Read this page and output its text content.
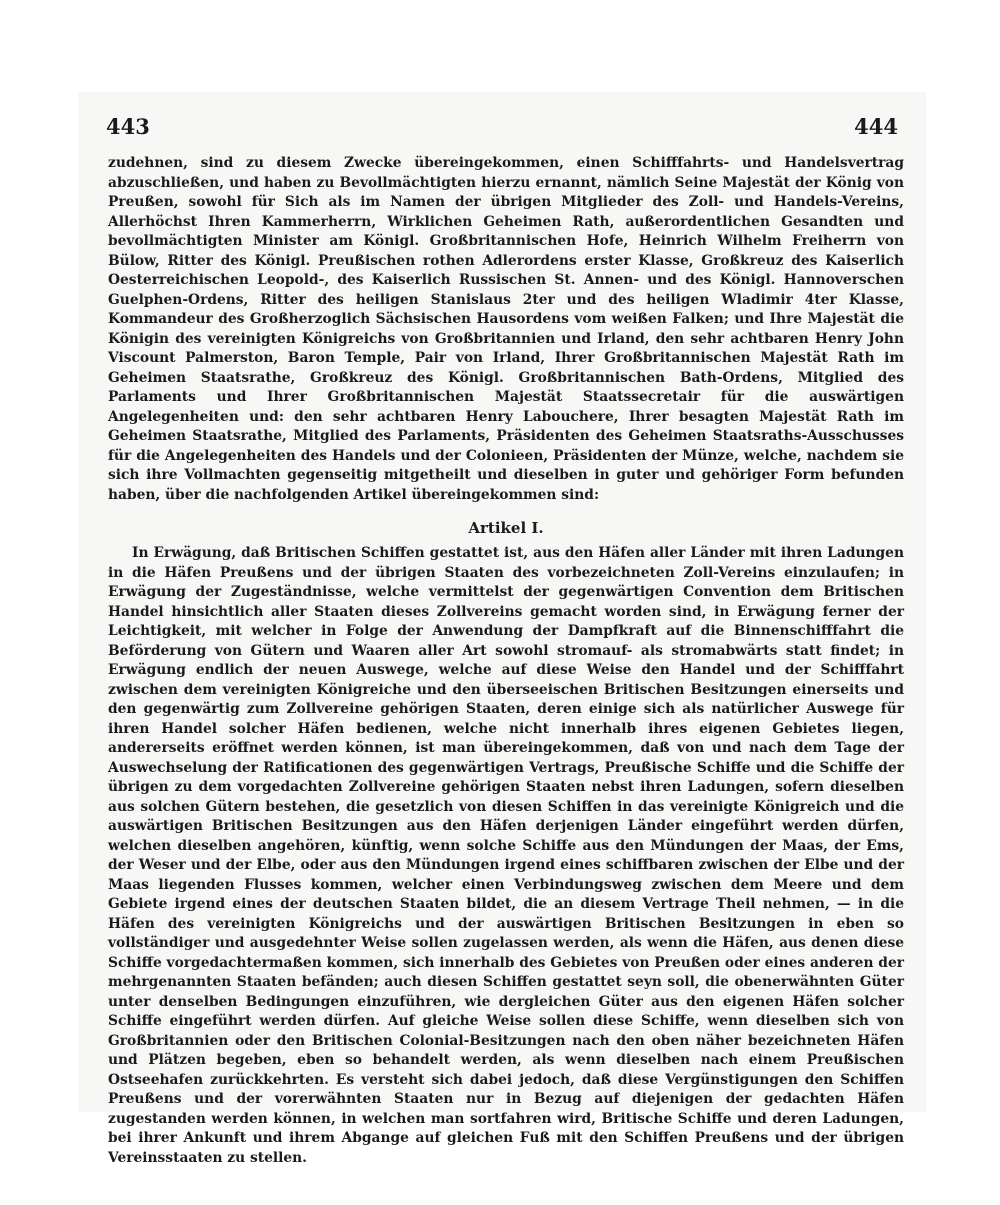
443	444

zudehnen, sind zu diesem Zwecke übereingekommen, einen Schifffahrts- und Handelsvertrag abzuschließen, und haben zu Bevollmächtigten hierzu ernannt, nämlich Seine Majestät der König von Preußen, sowohl für Sich als im Namen der übrigen Mitglieder des Zoll- und Handels-Vereins, Allerhöchst Ihren Kammerherrn, Wirklichen Geheimen Rath, außerordentlichen Gesandten und bevollmächtigten Minister am Königl. Großbritannischen Hofe, Heinrich Wilhelm Freiherrn von Bülow, Ritter des Königl. Preußischen rothen Adlerordens erster Klasse, Großkreuz des Kaiserlich Oesterreichischen Leopold-, des Kaiserlich Russischen St. Annen- und des Königl. Hannoverschen Guelphen-Ordens, Ritter des heiligen Stanislaus 2ter und des heiligen Wladimir 4ter Klasse, Kommandeur des Großherzoglich Sächsischen Hausordens vom weißen Falken; und Ihre Majestät die Königin des vereinigten Königreichs von Großbritannien und Irland, den sehr achtbaren Henry John Viscount Palmerston, Baron Temple, Pair von Irland, Ihrer Großbritannischen Majestät Rath im Geheimen Staatsrathe, Großkreuz des Königl. Großbritannischen Bath-Ordens, Mitglied des Parlaments und Ihrer Großbritannischen Majestät Staatssecretair für die auswärtigen Angelegenheiten und: den sehr achtbaren Henry Labouchere, Ihrer besagten Majestät Rath im Geheimen Staatsrathe, Mitglied des Parlaments, Präsidenten des Geheimen Staatsraths-Ausschusses für die Angelegenheiten des Handels und der Colonieen, Präsidenten der Münze, welche, nachdem sie sich ihre Vollmachten gegenseitig mitgetheilt und dieselben in guter und gehöriger Form befunden haben, über die nachfolgenden Artikel übereingekommen sind:

Artikel I.

In Erwägung, daß Britischen Schiffen gestattet ist, aus den Häfen aller Länder mit ihren Ladungen in die Häfen Preußens und der übrigen Staaten des vorbezeichneten Zoll-Vereins einzulaufen; in Erwägung der Zugeständnisse, welche vermittelst der gegenwärtigen Convention dem Britischen Handel hinsichtlich aller Staaten dieses Zollvereins gemacht worden sind, in Erwägung ferner der Leichtigkeit, mit welcher in Folge der Anwendung der Dampfkraft auf die Binnenschifffahrt die Beförderung von Gütern und Waaren aller Art sowohl stromauf- als stromabwärts statt findet; in Erwägung endlich der neuen Auswege, welche auf diese Weise den Handel und der Schifffahrt zwischen dem vereinigten Königreiche und den überseeischen Britischen Besitzungen einerseits und den gegenwärtig zum Zollvereine gehörigen Staaten, deren einige sich als natürlicher Auswege für ihren Handel solcher Häfen bedienen, welche nicht innerhalb ihres eigenen Gebietes liegen, andererseits eröffnet werden können, ist man übereingekommen, daß von und nach dem Tage der Auswechselung der Ratificationen des gegenwärtigen Vertrags, Preußische Schiffe und die Schiffe der übrigen zu dem vorgedachten Zollvereine gehörigen Staaten nebst ihren Ladungen, sofern dieselben aus solchen Gütern bestehen, die gesetzlich von diesen Schiffen in das vereinigte Königreich und die auswärtigen Britischen Besitzungen aus den Häfen derjenigen Länder eingeführt werden dürfen, welchen dieselben angehören, künftig, wenn solche Schiffe aus den Mündungen der Maas, der Ems, der Weser und der Elbe, oder aus den Mündungen irgend eines schiffbaren zwischen der Elbe und der Maas liegenden Flusses kommen, welcher einen Verbindungsweg zwischen dem Meere und dem Gebiete irgend eines der deutschen Staaten bildet, die an diesem Vertrage Theil nehmen, — in die Häfen des vereinigten Königreichs und der auswärtigen Britischen Besitzungen in eben so vollständiger und ausgedehnter Weise sollen zugelassen werden, als wenn die Häfen, aus denen diese Schiffe vorgedachtermaßen kommen, sich innerhalb des Gebietes von Preußen oder eines anderen der mehrgenannten Staaten befänden; auch diesen Schiffen gestattet seyn soll, die obenerwähnten Güter unter denselben Bedingungen einzuführen, wie dergleichen Güter aus den eigenen Häfen solcher Schiffe eingeführt werden dürfen. Auf gleiche Weise sollen diese Schiffe, wenn dieselben sich von Großbritannien oder den Britischen Colonial-Besitzungen nach den oben näher bezeichneten Häfen und Plätzen begeben, eben so behandelt werden, als wenn dieselben nach einem Preußischen Ostseehafen zurückkehrten. Es versteht sich dabei jedoch, daß diese Vergünstigungen den Schiffen Preußens und der vorerwähnten Staaten nur in Bezug auf diejenigen der gedachten Häfen zugestanden werden können, in welchen man sortfahren wird, Britische Schiffe und deren Ladungen, bei ihrer Ankunft und ihrem Abgange auf gleichen Fuß mit den Schiffen Preußens und der übrigen Vereinsstaaten zu stellen.
